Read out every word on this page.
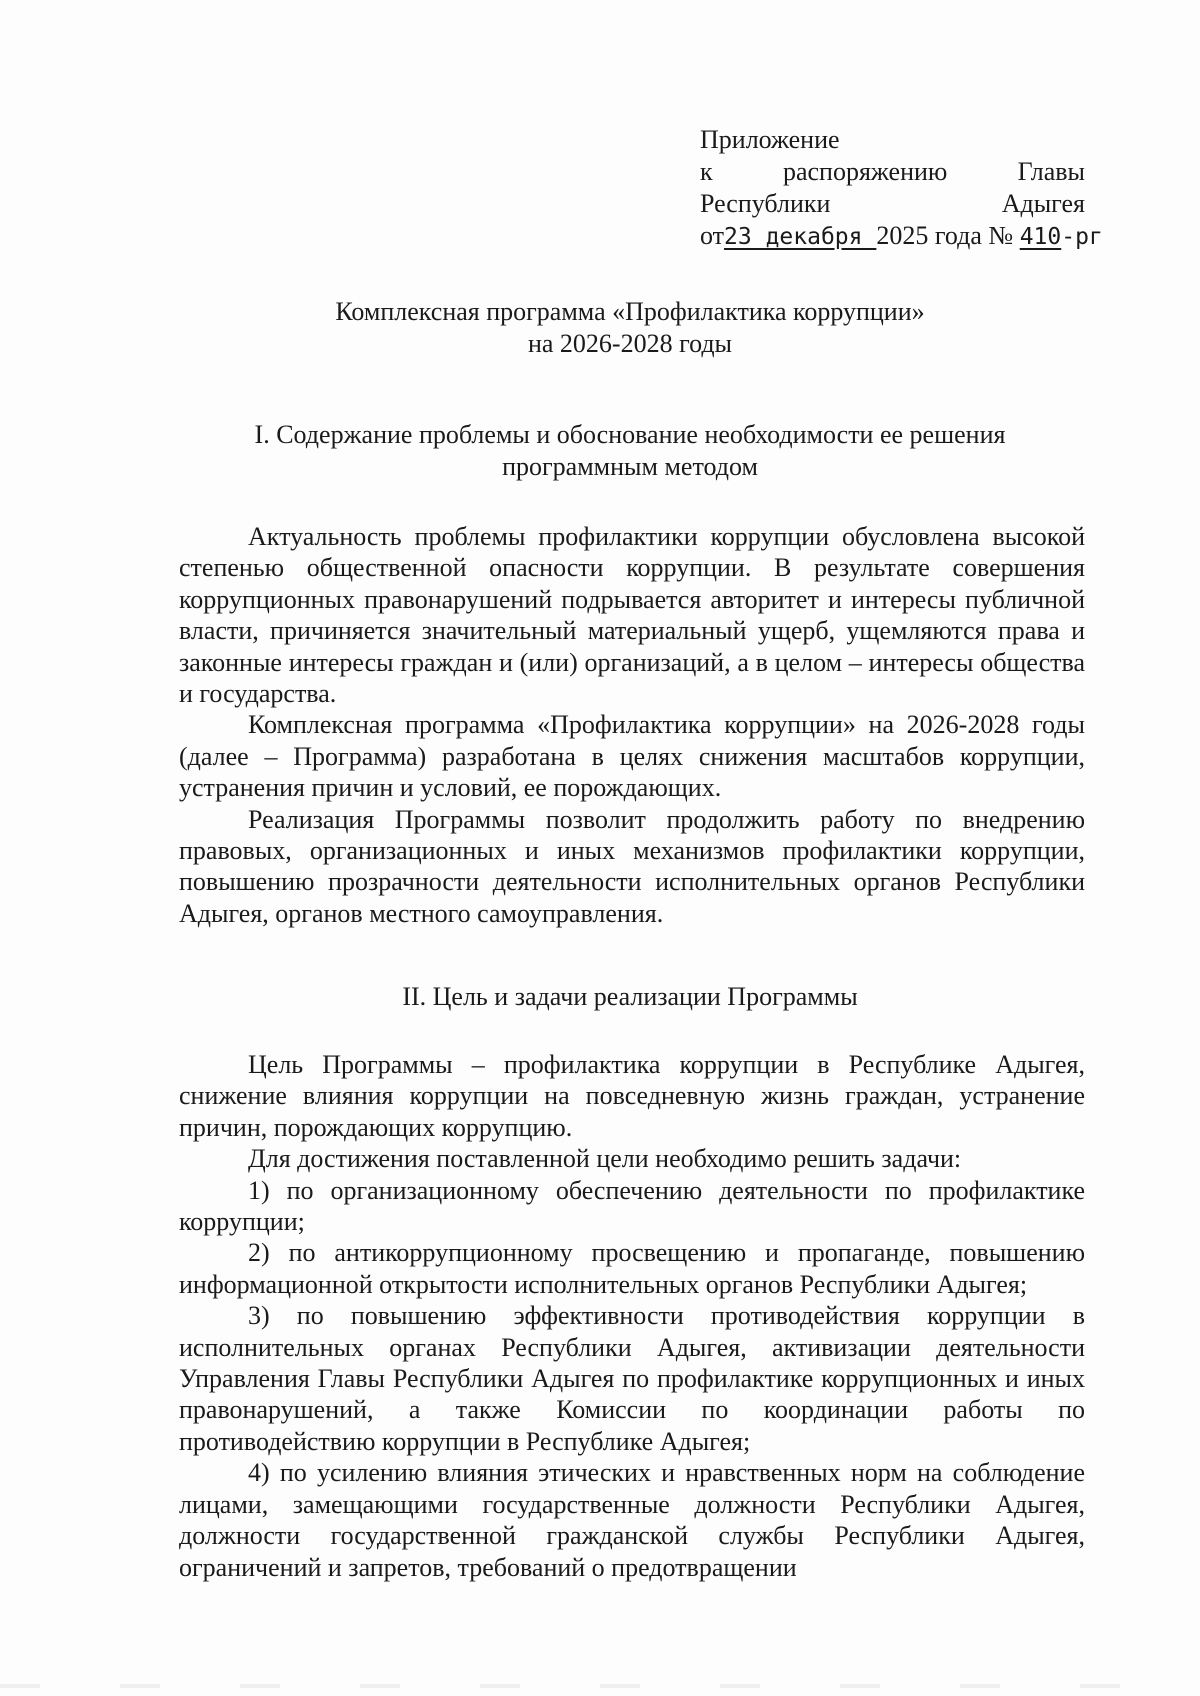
Приложение
к	распоряжению	Главы
Республики	Адыгея
от23 декабря 2025 года № 410-рг
Комплексная программа «Профилактика коррупции»
на 2026-2028 годы
I. Содержание проблемы и обоснование необходимости ее решения
программным методом

Актуальность проблемы профилактики коррупции обусловлена высокой степенью общественной опасности коррупции. В результате совершения коррупционных правонарушений подрывается авторитет и интересы публичной власти, причиняется значительный материальный ущерб, ущемляются права и законные интересы граждан и (или) организаций, а в целом – интересы общества и государства.

Комплексная программа «Профилактика коррупции» на 2026-2028 годы (далее – Программа) разработана в целях снижения масштабов коррупции, устранения причин и условий, ее порождающих.

Реализация Программы позволит продолжить работу по внедрению правовых, организационных и иных механизмов профилактики коррупции, повышению прозрачности деятельности исполнительных органов Республики Адыгея, органов местного самоуправления.

II. Цель и задачи реализации Программы

Цель Программы – профилактика коррупции в Республике Адыгея, снижение влияния коррупции на повседневную жизнь граждан, устранение причин, порождающих коррупцию.

Для достижения поставленной цели необходимо решить задачи:

1) по организационному обеспечению деятельности по профилактике коррупции;

2) по антикоррупционному просвещению и пропаганде, повышению информационной открытости исполнительных органов Республики Адыгея;

3) по повышению эффективности противодействия коррупции в исполнительных органах Республики Адыгея, активизации деятельности Управления Главы Республики Адыгея по профилактике коррупционных и иных правонарушений, а также Комиссии по координации работы по противодействию коррупции в Республике Адыгея;

4) по усилению влияния этических и нравственных норм на соблюдение лицами, замещающими государственные должности Республики Адыгея, должности государственной гражданской службы Республики Адыгея, ограничений и запретов, требований о предотвращении
